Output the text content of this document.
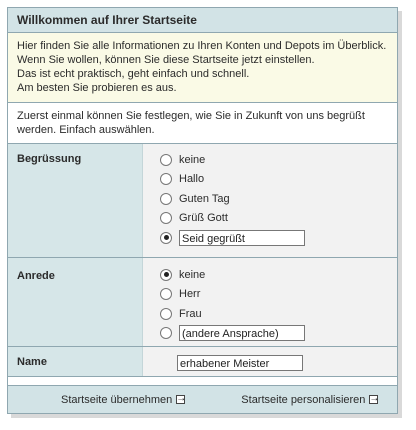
Willkommen auf Ihrer Startseite
Hier finden Sie alle Informationen zu Ihren Konten und Depots im Überblick.
Wenn Sie wollen, können Sie diese Startseite jetzt einstellen.
Das ist echt praktisch, geht einfach und schnell.
Am besten Sie probieren es aus.
Zuerst einmal können Sie festlegen, wie Sie in Zukunft von uns begrüßt werden. Einfach auswählen.
Begrüssung	keine
Hallo
Guten Tag
Grüß Gott
Seid gegrüßt
Anrede	keine
Herr
Frau
(andere Ansprache)
Name	erhabener Meister
Startseite übernehmen
→	Startseite personalisieren
→
